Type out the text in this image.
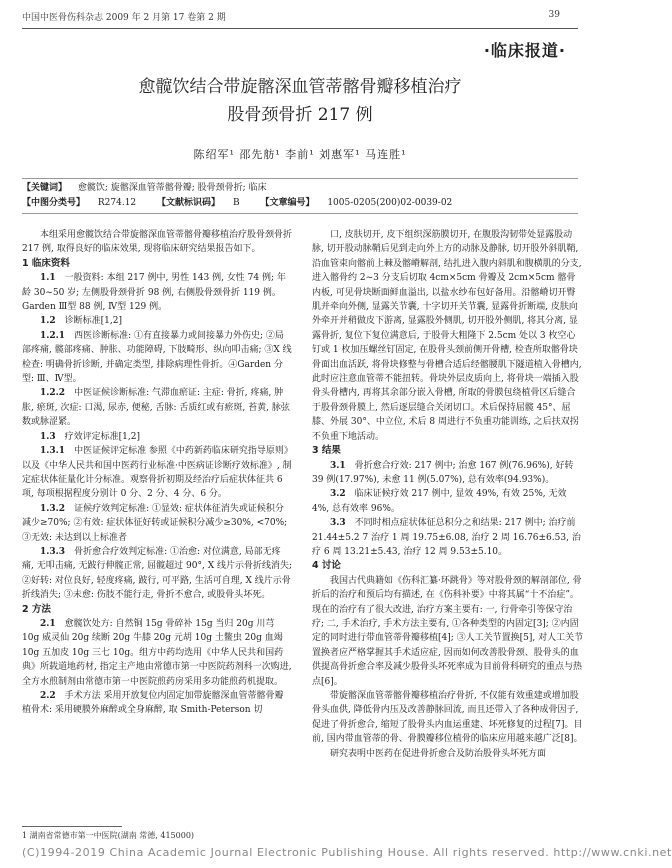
中国中医骨伤科杂志 2009 年 2 月第 17 卷第 2 期	39
·临床报道·
愈髋饮结合带旋髂深血管蒂髂骨瓣移植治疗
股骨颈骨折 217 例
陈绍军¹ 邵先舫¹ 李前¹ 刘惠军¹ 马连胜¹
【关键词】 愈髋饮; 旋髂深血管蒂髂骨瓣; 股骨颈骨折; 临床
【中图分类号】 R274.12 【文献标识码】 B 【文章编号】 1005-0205(200)02-0039-02

本组采用愈髋饮结合带旋髂深血管蒂髂骨瓣移植治疗股骨颈骨折 217 例, 取得良好的临床效果, 现将临床研究结果报告如下。

1 临床资料

1.1  一般资料: 本组 217 例中, 男性 143 例, 女性 74 例; 年龄 30~50 岁; 左侧股骨颈骨折 98 例, 右侧股骨颈骨折 119 例。Garden Ⅲ型 88 例, Ⅳ型 129 例。

1.2  诊断标准[1,2]

1.2.1  西医诊断标准: ①有直接暴力或间接暴力外伤史; ②局部疼痛, 髋部疼痛、肿胀、功能障碍, 下肢畸形、纵向叩击痛; ③X 线检查: 明确骨折诊断, 并确定类型, 排除病理性骨折。④Garden 分型: Ⅲ、Ⅳ型。

1.2.2  中医证候诊断标准: 气滞血瘀证: 主症: 骨折, 疼痛, 肿胀, 瘀斑, 次症: 口渴, 尿赤, 便秘, 舌脉: 舌质红或有瘀斑, 苔黄, 脉弦数或脉涩紧。

1.3  疗效评定标准[1,2]

1.3.1  中医证候评定标准 参照《中药新药临床研究指导原则》以及《中华人民共和国中医药行业标准·中医病证诊断疗效标准》, 制定症状体征量化计分标准。观察骨折初期及经治疗后症状体征共 6 项, 每项根据程度分别计 0 分、2 分、4 分、6 分。

1.3.2  证候疗效判定标准: ①显效: 症状体征消失或证候积分减少≥70%; ②有效: 症状体征好转或证候积分减少≥30%, <70%; ③无效: 未达到以上标准者

1.3.3  骨折愈合疗效判定标准: ①治愈: 对位满意, 局部无疼痛, 无叩击痛, 无跛行伸髋正常, 屈髋超过 90°, X 线片示骨折线消失; ②好转: 对位良好, 轻度疼痛, 跛行, 可平路, 生活可自理, X 线片示骨折线消失; ③未愈: 伤肢不能行走, 骨折不愈合, 或股骨头坏死。

2 方法

2.1  愈髋饮处方: 自然铜 15g 骨碎补 15g 当归 20g 川芎 10g 威灵仙 20g 续断 20g 牛膝 20g 元胡 10g 土鳖虫 20g 血竭 10g 五加皮 10g 三七 10g。组方中药均选用《中华人民共和国药典》所载道地药材, 指定主产地由常德市第一中医院药剂科一次购进, 全方水煎制剂由常德市第一中医院煎药房采用多功能煎药机提取。

2.2  手术方法 采用开放复位内固定加带旋髂深血管蒂髂骨瓣植骨术: 采用硬膜外麻醉或全身麻醉, 取 Smith-Peterson 切

口, 皮肤切开, 皮下组织深筋膜切开, 在腹股沟韧带处显露股动脉, 切开股动脉鞘后见到走向外上方的动脉及静脉, 切开股外斜肌鞘, 沿血管束向髂前上棘及髂嵴解剖, 结扎进入腹内斜肌和腹横肌的分支, 进入髂骨约 2~3 分支后切取 4cm×5cm 骨瓣及 2cm×5cm 髂骨内板, 可见骨块断面鲜血溢出, 以盐水纱布包好备用。沿髂嵴切开臀肌并牵向外侧, 显露关节囊, 十字切开关节囊, 显露骨折断端, 皮肤向外牵开并稍做皮下游离, 显露股外侧肌, 切开股外侧肌, 将其分离, 显露骨折, 复位下复位满意后, 于股骨大粗隆下 2.5cm 处以 3 枚空心钉或 1 枚加压螺丝钉固定, 在股骨头颈前侧开骨槽, 检查所取髂骨块骨面出血活跃, 将骨块修整与骨槽合适后经髂腰肌下隧道植入骨槽内, 此时应注意血管蒂不能扭转。骨块外层皮质向上, 将骨块一端插入股骨头骨槽内, 再将其余部分嵌入骨槽, 所取的骨膜包绕植骨区后缝合于股骨颈骨膜上, 然后逐层缝合关闭切口。术后保持屈髋 45°、屈膝、外展 30°、中立位, 术后 8 周进行不负重功能训练, 之后扶双拐不负重下地活动。

3 结果

3.1  骨折愈合疗效: 217 例中; 治愈 167 例(76.96%), 好转 39 例(17.97%), 未愈 11 例(5.07%), 总有效率(94.93%)。

3.2  临床证候疗效 217 例中, 显效 49%, 有效 25%, 无效 4%, 总有效率 96%。

3.3  不同时相点症状体征总积分之和结果: 217 例中; 治疗前 21.44±5.2 7 治疗 1 周 19.75±6.08, 治疗 2 周 16.76±6.53, 治疗 6 周 13.21±5.43, 治疗 12 周 9.53±5.10。

4 讨论

我国古代典籍如《伤科汇纂·环跳骨》等对股骨颈的解剖部位, 骨折后的治疗和预后均有描述, 在《伤科补要》中将其属“十不治症”。现在的治疗有了很大改进, 治疗方案主要有: 一, 行骨牵引等保守治疗; 二, 手术治疗, 手术方法主要有, ①各种类型的内固定[3]; ②内固定的同时进行带血管蒂骨瓣移植[4]; ③人工关节置换[5], 对人工关节置换者应严格掌握其手术适应症, 因而如何改善股骨颈、股骨头的血供提高骨折愈合率及减少股骨头坏死率成为目前骨科研究的重点与热点[6]。

带旋髂深血管蒂髂骨瓣移植治疗骨折, 不仅能有效重建或增加股骨头血供, 降低骨内压及改善静脉回流, 而且还带入了各种成骨因子, 促进了骨折愈合, 缩短了股骨头内血运重建、坏死修复的过程[7]。目前, 国内带血管蒂的骨、骨膜瓣移位植骨的临床应用越来越广泛[8]。

研究表明中医药在促进骨折愈合及防治股骨头坏死方面

1 湖南省常德市第一中医院(湖南 常德, 415000)
(C)1994-2019 China Academic Journal Electronic Publishing House. All rights reserved. http://www.cnki.net
